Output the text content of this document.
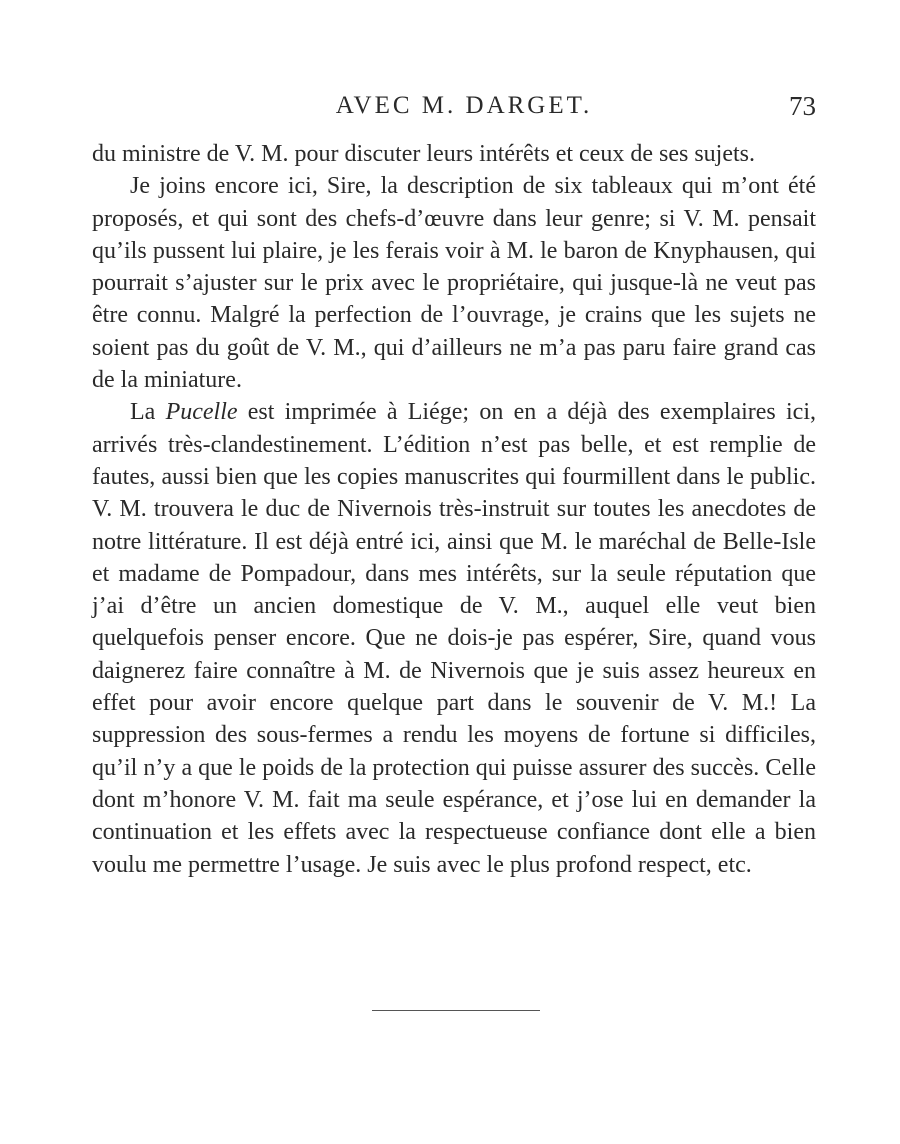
AVEC M. DARGET.	73

du ministre de V. M. pour discuter leurs intérêts et ceux de ses sujets.

Je joins encore ici, Sire, la description de six tableaux qui m’ont été proposés, et qui sont des chefs-d’œuvre dans leur genre; si V. M. pensait qu’ils pussent lui plaire, je les ferais voir à M. le baron de Knyphausen, qui pourrait s’ajuster sur le prix avec le propriétaire, qui jusque-là ne veut pas être connu. Malgré la perfection de l’ouvrage, je crains que les sujets ne soient pas du goût de V. M., qui d’ailleurs ne m’a pas paru faire grand cas de la miniature.

La Pucelle est imprimée à Liége; on en a déjà des exemplaires ici, arrivés très-clandestinement. L’édition n’est pas belle, et est remplie de fautes, aussi bien que les copies manuscrites qui fourmillent dans le public. V. M. trouvera le duc de Nivernois très-instruit sur toutes les anecdotes de notre littérature. Il est déjà entré ici, ainsi que M. le maréchal de Belle-Isle et madame de Pompadour, dans mes intérêts, sur la seule réputation que j’ai d’être un ancien domestique de V. M., auquel elle veut bien quelquefois penser encore. Que ne dois-je pas espérer, Sire, quand vous daignerez faire connaître à M. de Nivernois que je suis assez heureux en effet pour avoir encore quelque part dans le souvenir de V. M.! La suppression des sous-fermes a rendu les moyens de fortune si difficiles, qu’il n’y a que le poids de la protection qui puisse assurer des succès. Celle dont m’honore V. M. fait ma seule espérance, et j’ose lui en demander la continuation et les effets avec la respectueuse confiance dont elle a bien voulu me permettre l’usage. Je suis avec le plus profond respect, etc.
